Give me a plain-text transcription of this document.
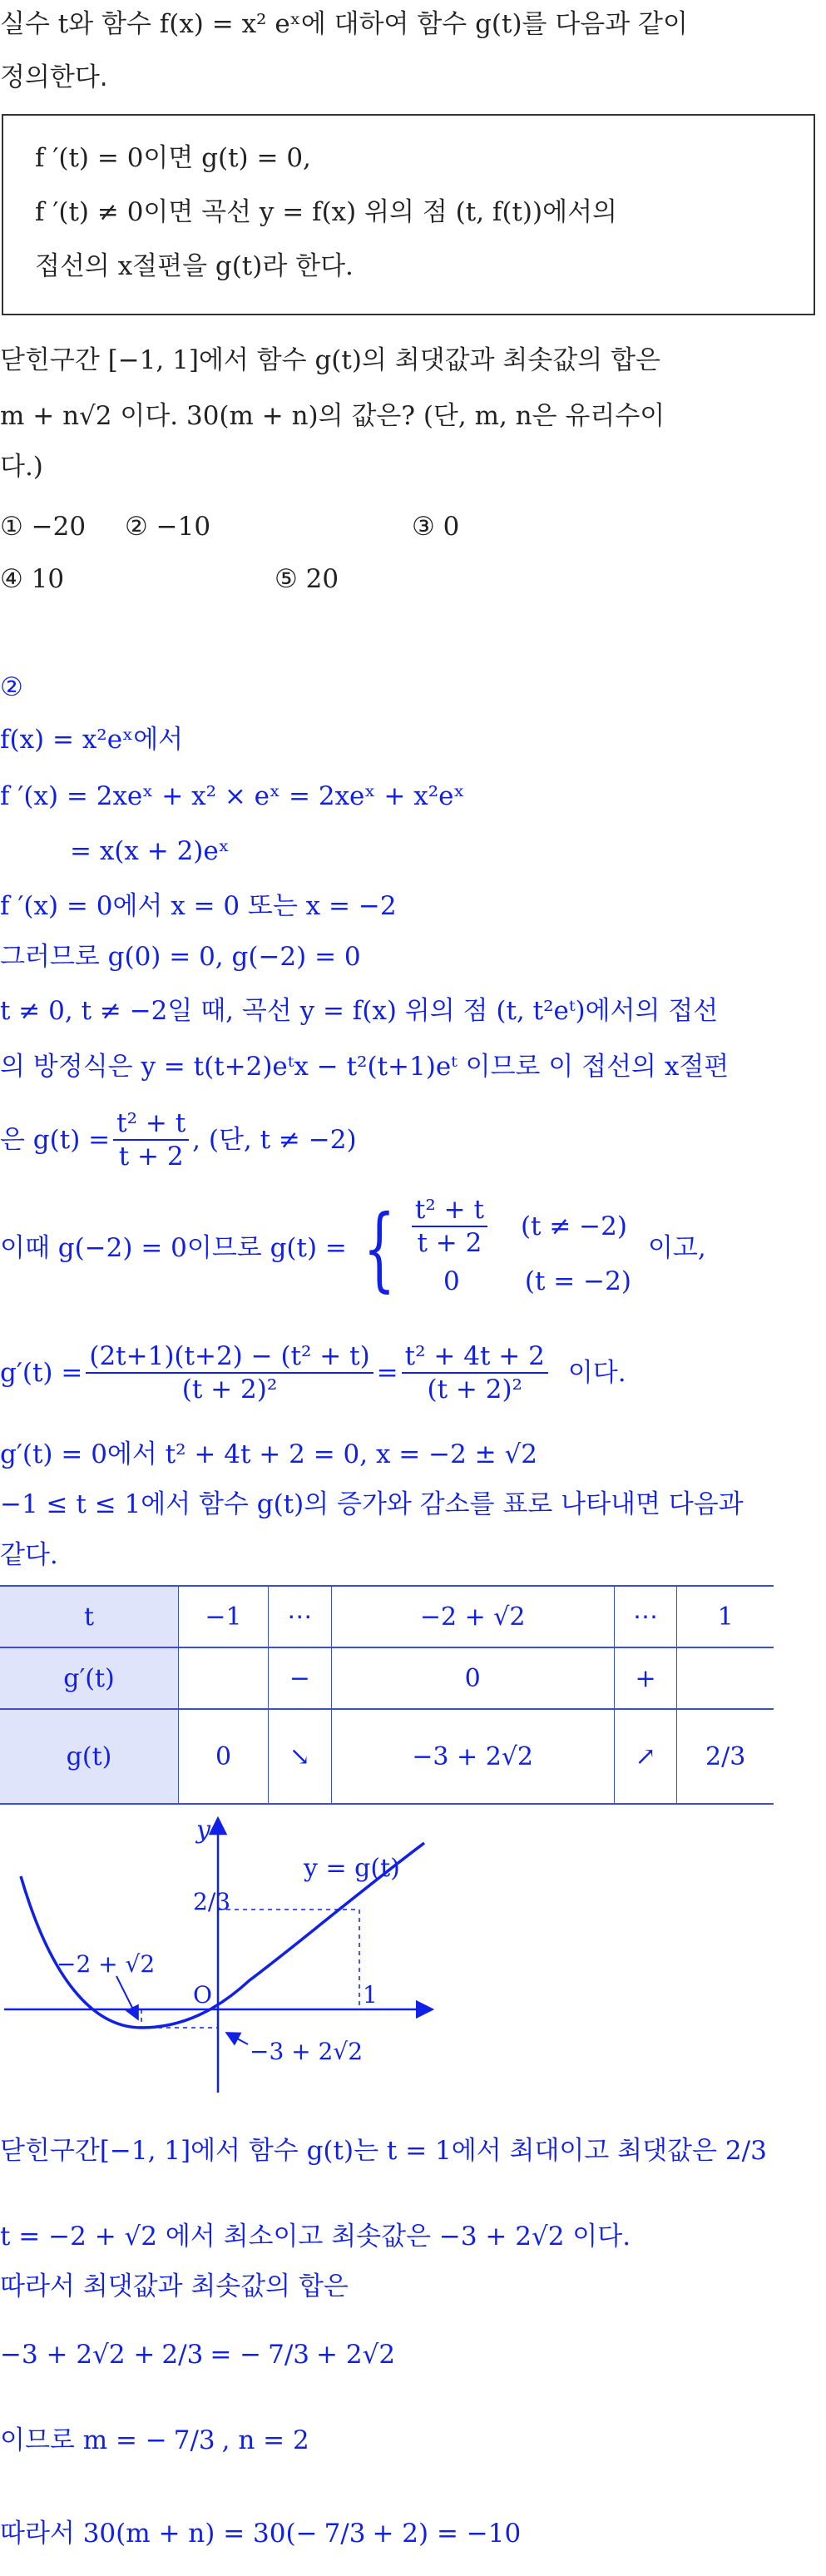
실수 t와 함수 f(x) = x² eˣ에 대하여 함수 g(t)를 다음과 같이
정의한다.
f ′(t) = 0이면 g(t) = 0,
f ′(t) ≠ 0이면 곡선 y = f(x) 위의 점 (t, f(t))에서의
접선의 x절편을 g(t)라 한다.
닫힌구간 [−1, 1]에서 함수 g(t)의 최댓값과 최솟값의 합은
m + n√2 이다. 30(m + n)의 값은? (단, m, n은 유리수이
다.)
① −20 ② −10	③ 0
④ 10	⑤ 20
②
f(x) = x²eˣ에서
f ′(x) = 2xeˣ + x² × eˣ = 2xeˣ + x²eˣ
= x(x + 2)eˣ
f ′(x) = 0에서 x = 0 또는 x = −2
그러므로 g(0) = 0, g(−2) = 0
t ≠ 0, t ≠ −2일 때, 곡선 y = f(x) 위의 점 (t, t²eᵗ)에서의 접선
의 방정식은 y = t(t+2)eᵗx − t²(t+1)eᵗ 이므로 이 접선의 x절편
은 $g(t) = \frac{\text{t² + t}}{t + 2}$ , (단, t ≠ −2)
이때 g(−2) = 0이므로 g(t) = { $\frac{\text{t² + t}}{t + 2} (t \ne -2)$
0	(t = −2)
이고,
$g'(t) = \frac{\text{(2t+1)(t+2) − (t² + t)}}{\text{(t + 2)²}} = \frac{\text{t² + 4t + 2}}{\text{(t + 2)²}}$ 이다.
g′(t) = 0에서 t² + 4t + 2 = 0, x = −2 ± √2
−1 ≤ t ≤ 1에서 함수 g(t)의 증가와 감소를 표로 나타내면 다음과
같다.
t	−1	⋯	−2 + √2	⋯	1
g′(t)		−	0	+	
g(t)	0	↘	−3 + 2√2	↗	2/3
y
y = g(t)
O
−2 + √2
−3 + 2√2
2/3
1
닫힌구간[−1, 1]에서 함수 g(t)는 t = 1에서 최대이고 최댓값은 2/3
t = −2 + √2 에서 최소이고 최솟값은 −3 + 2√2 이다.
따라서 최댓값과 최솟값의 합은
−3 + 2√2 + 2/3 = − 7/3 + 2√2
이므로 m = − 7/3 , n = 2
따라서 30(m + n) = 30(− 7/3 + 2) = −10
